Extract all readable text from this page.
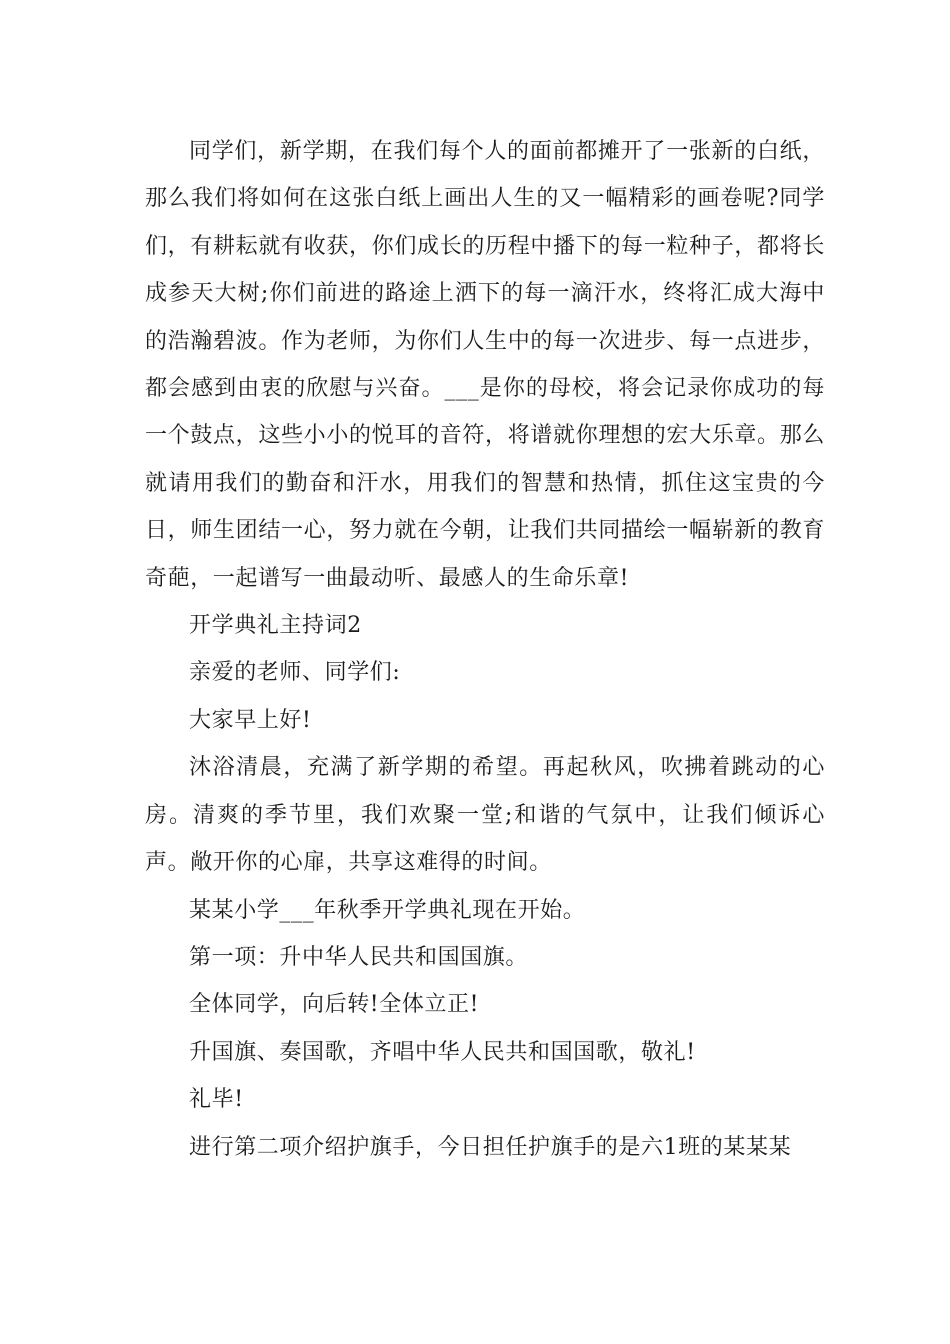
同学们，新学期，在我们每个人的面前都摊开了一张新的白纸，那么我们将如何在这张白纸上画出人生的又一幅精彩的画卷呢?同学们，有耕耘就有收获，你们成长的历程中播下的每一粒种子，都将长成参天大树;你们前进的路途上洒下的每一滴汗水，终将汇成大海中的浩瀚碧波。作为老师，为你们人生中的每一次进步、每一点进步，都会感到由衷的欣慰与兴奋。___是你的母校，将会记录你成功的每一个鼓点，这些小小的悦耳的音符，将谱就你理想的宏大乐章。那么就请用我们的勤奋和汗水，用我们的智慧和热情，抓住这宝贵的今日，师生团结一心，努力就在今朝，让我们共同描绘一幅崭新的教育奇葩，一起谱写一曲最动听、最感人的生命乐章!

开学典礼主持词2

亲爱的老师、同学们:

大家早上好!

沐浴清晨，充满了新学期的希望。再起秋风，吹拂着跳动的心房。清爽的季节里，我们欢聚一堂;和谐的气氛中，让我们倾诉心声。敞开你的心扉，共享这难得的时间。

某某小学___年秋季开学典礼现在开始。

第一项：升中华人民共和国国旗。

全体同学，向后转!全体立正!

升国旗、奏国歌，齐唱中华人民共和国国歌，敬礼!

礼毕!

进行第二项介绍护旗手，今日担任护旗手的是六1班的某某某
